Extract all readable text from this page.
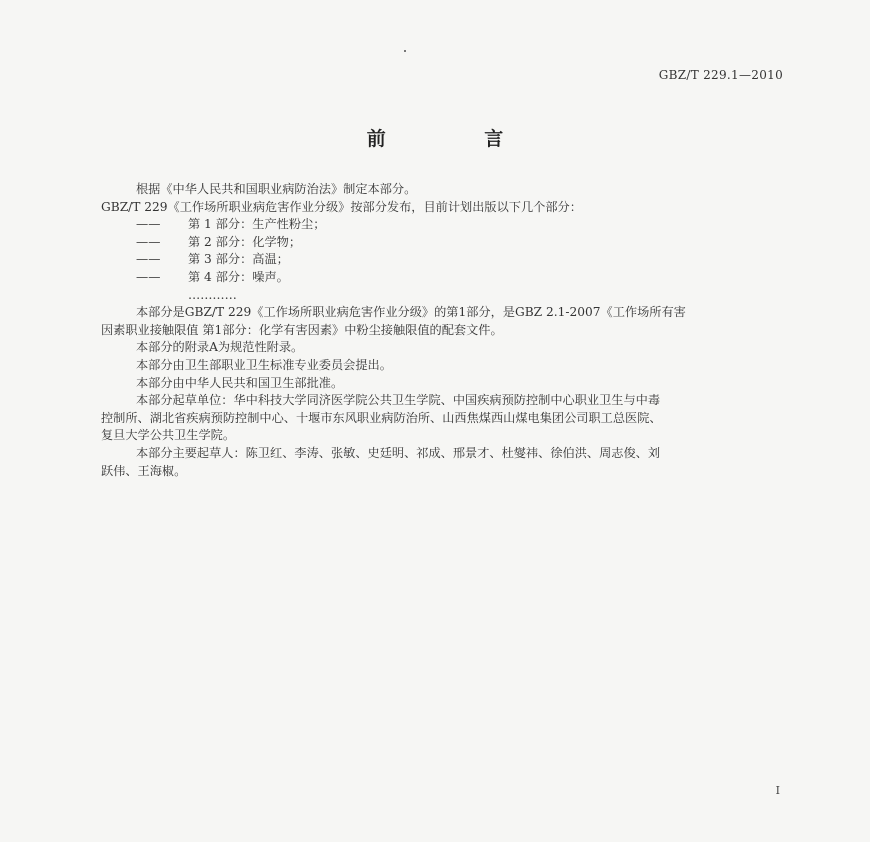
GBZ/T 229.1—2010
前 言

根据《中华人民共和国职业病防治法》制定本部分。

GBZ/T 229《工作场所职业病危害作业分级》按部分发布，目前计划出版以下几个部分：

—— 第 1 部分：生产性粉尘；
—— 第 2 部分：化学物；
—— 第 3 部分：高温；
—— 第 4 部分：噪声。
…………

本部分是GBZ/T 229《工作场所职业病危害作业分级》的第1部分，是GBZ 2.1-2007《工作场所有害

因素职业接触限值 第1部分：化学有害因素》中粉尘接触限值的配套文件。

本部分的附录A为规范性附录。

本部分由卫生部职业卫生标准专业委员会提出。

本部分由中华人民共和国卫生部批准。

本部分起草单位：华中科技大学同济医学院公共卫生学院、中国疾病预防控制中心职业卫生与中毒

控制所、湖北省疾病预防控制中心、十堰市东风职业病防治所、山西焦煤西山煤电集团公司职工总医院、

复旦大学公共卫生学院。

本部分主要起草人：陈卫红、李涛、张敏、史廷明、祁成、邢景才、杜燮祎、徐伯洪、周志俊、刘

跃伟、王海椒。

I
